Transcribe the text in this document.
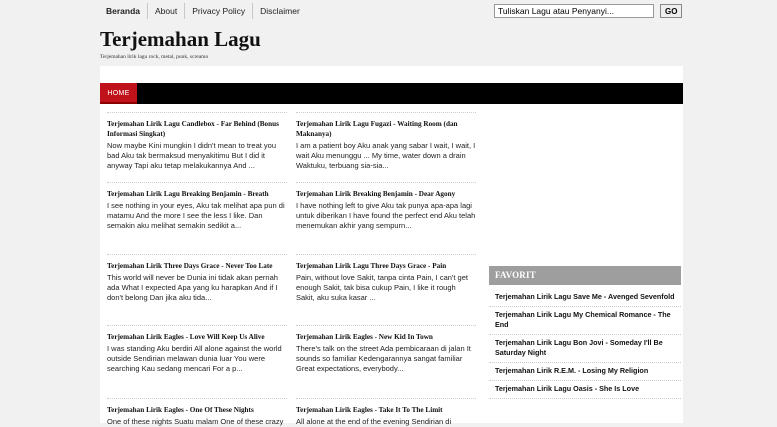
Beranda	About	Privacy Policy	Disclaimer
Tuliskan Lagu atau Penyanyi...	GO
Terjemahan Lagu
Terjemahan lirik lagu rock, metal, punk, screamo
HOME
Terjemahan Lirik Lagu Candlebox - Far Behind (Bonus Informasi Singkat)
Now maybe Kini mungkin I didn't mean to treat you bad Aku tak bermaksud menyakitimu But I did it anyway Tapi aku tetap melakukannya And ...
Terjemahan Lirik Lagu Fugazi - Waiting Room (dan Maknanya)
I am a patient boy Aku anak yang sabar I wait, I wait, I wait Aku menunggu ... My time, water down a drain Waktuku, terbuang sia-sia...
Terjemahan Lirik Lagu Breaking Benjamin - Breath
I see nothing in your eyes, Aku tak melihat apa pun di matamu And the more I see the less I like. Dan semakin aku melihat semakin sedikit a...
Terjemahan Lirik Breaking Benjamin - Dear Agony
I have nothing left to give Aku tak punya apa-apa lagi untuk diberikan I have found the perfect end Aku telah menemukan akhir yang sempurn...
Terjemahan Lirik Three Days Grace - Never Too Late
This world will never be Dunia ini tidak akan pernah ada What I expected Apa yang ku harapkan And if I don't belong Dan jika aku tida...
Terjemahan Lirik Lagu Three Days Grace - Pain
Pain, without love Sakit, tanpa cinta Pain, I can't get enough Sakit, tak bisa cukup Pain, I like it rough Sakit, aku suka kasar ...
Terjemahan Lirik Eagles - Love Will Keep Us Alive
I was standing Aku berdiri All alone against the world outside Sendirian melawan dunia luar You were searching Kau sedang mencari For a p...
Terjemahan Lirik Eagles - New Kid In Town
There's talk on the street Ada pembicaraan di jalan It sounds so familiar Kedengarannya sangat familiar Great expectations, everybody...
Terjemahan Lirik Eagles - One Of These Nights
One of these nights Suatu malam One of these crazy
Terjemahan Lirik Eagles - Take It To The Limit
All alone at the end of the evening Sendirian di
FAVORIT
Terjemahan Lirik Lagu Save Me - Avenged Sevenfold
Terjemahan Lirik Lagu My Chemical Romance - The End
Terjemahan Lirik Lagu Bon Jovi - Someday I'll Be Saturday Night
Terjemahan Lirik R.E.M. - Losing My Religion
Terjemahan Lirik Lagu Oasis - She Is Love
